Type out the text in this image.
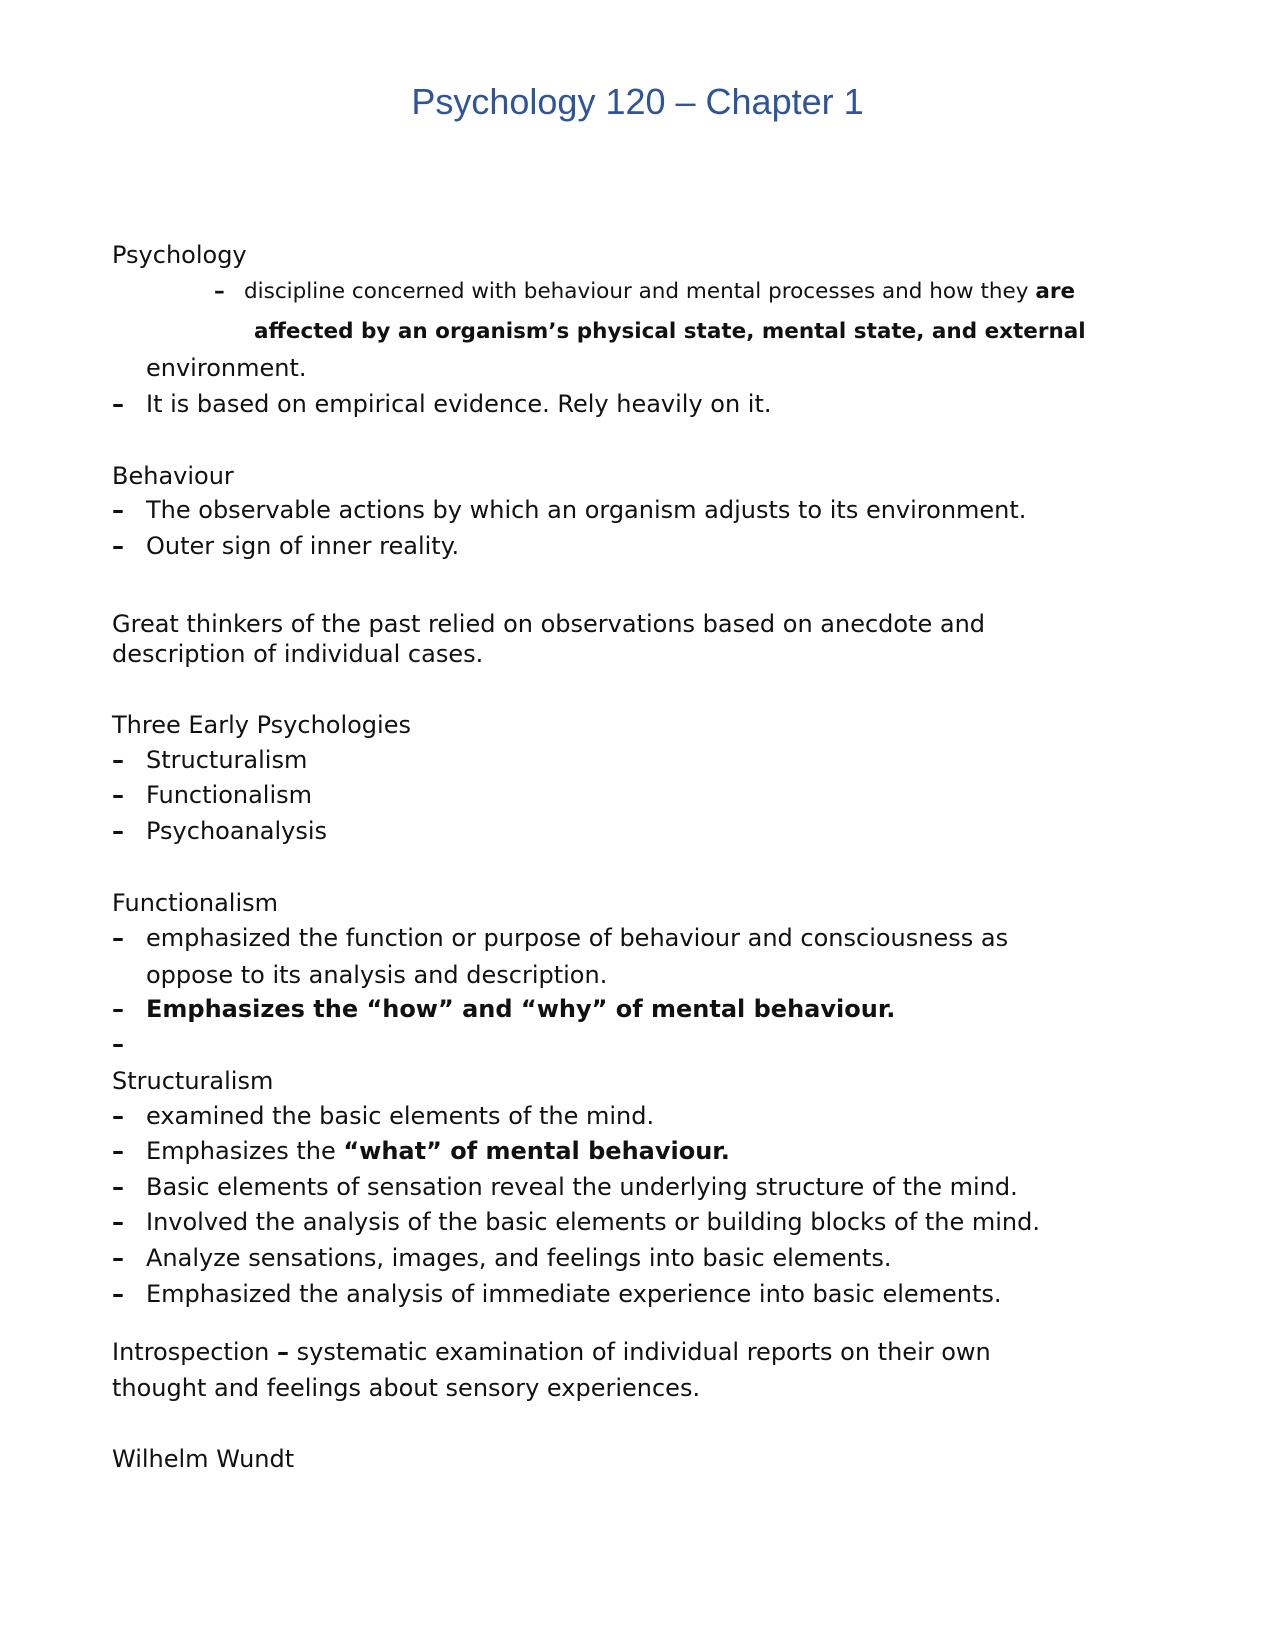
Psychology 120 – Chapter 1
Psychology
– discipline concerned with behaviour and mental processes and how they are
affected by an organism’s physical state, mental state, and external
environment.
– It is based on empirical evidence. Rely heavily on it.
Behaviour
– The observable actions by which an organism adjusts to its environment.
– Outer sign of inner reality.
Great thinkers of the past relied on observations based on anecdote and
description of individual cases.
Three Early Psychologies
– Structuralism
– Functionalism
– Psychoanalysis
Functionalism
– emphasized the function or purpose of behaviour and consciousness as
oppose to its analysis and description.
– Emphasizes the “how” and “why” of mental behaviour.
–
Structuralism
– examined the basic elements of the mind.
– Emphasizes the “what” of mental behaviour.
– Basic elements of sensation reveal the underlying structure of the mind.
– Involved the analysis of the basic elements or building blocks of the mind.
– Analyze sensations, images, and feelings into basic elements.
– Emphasized the analysis of immediate experience into basic elements.
Introspection – systematic examination of individual reports on their own
thought and feelings about sensory experiences.
Wilhelm Wundt
